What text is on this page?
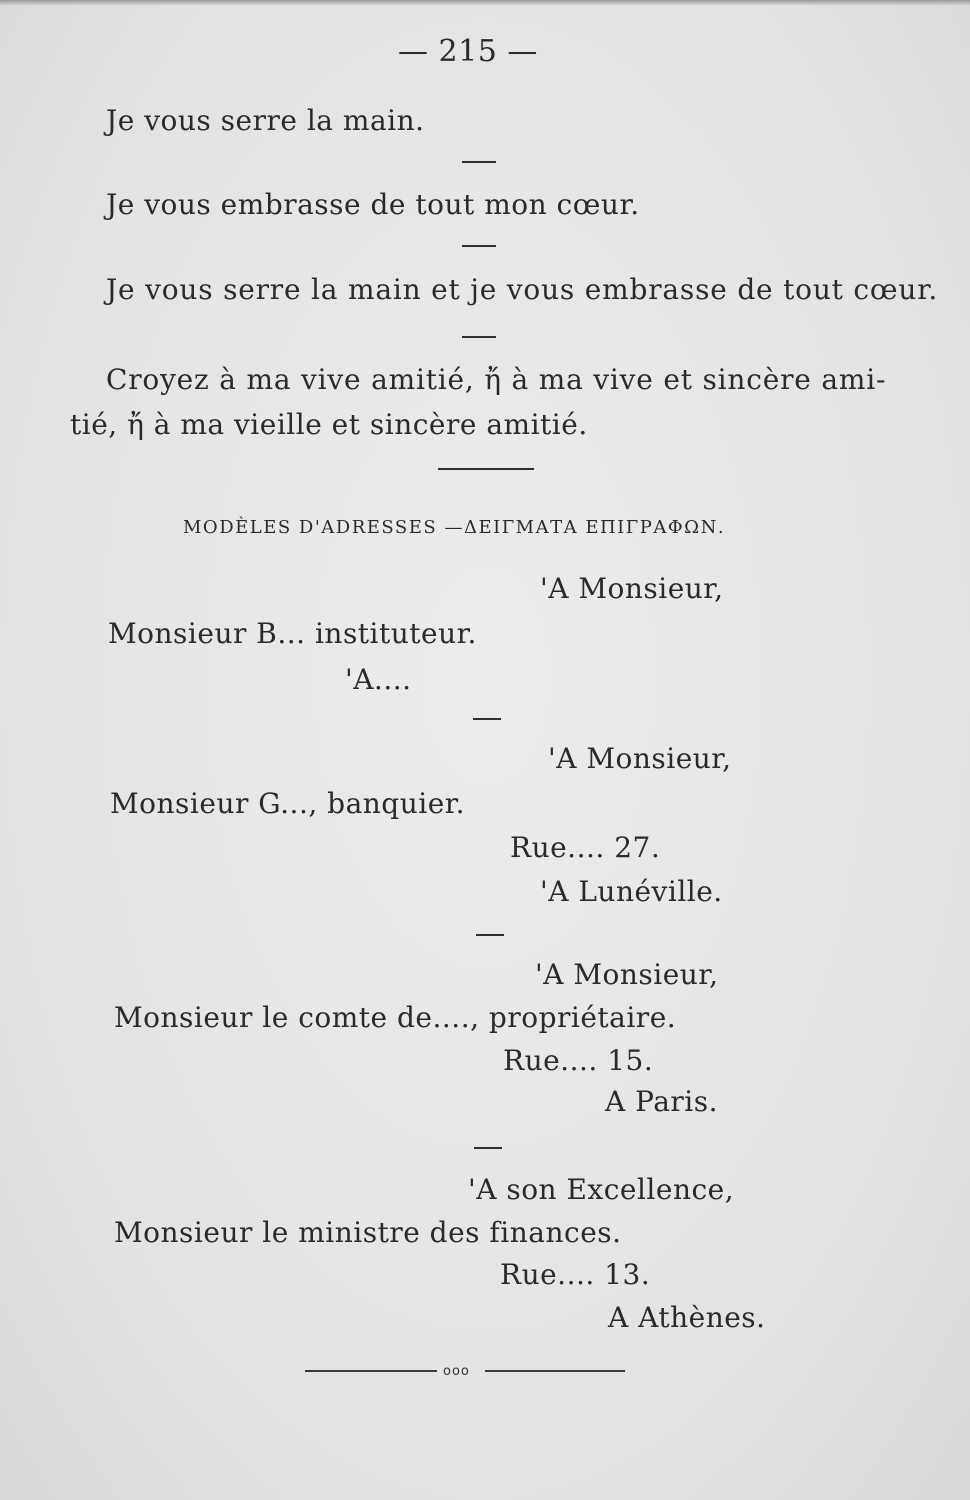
— 215 —
Je vous serre la main.
Je vous embrasse de tout mon cœur.
Je vous serre la main et je vous embrasse de tout cœur.
Croyez à ma vive amitié, ἤ à ma vive et sincère ami-
tié, ἤ à ma vieille et sincère amitié.
MODÈLES D'ADRESSES —ΔΕΙΓΜΑΤΑ ΕΠΙΓΡΑΦΩΝ.
'A Monsieur,
Monsieur B... instituteur.
'A....
'A Monsieur,
Monsieur G..., banquier.
Rue.... 27.
'A Lunéville.
'A Monsieur,
Monsieur le comte de...., propriétaire.
Rue.... 15.
A Paris.
'A son Excellence,
Monsieur le ministre des finances.
Rue.... 13.
A Athènes.
ooo
